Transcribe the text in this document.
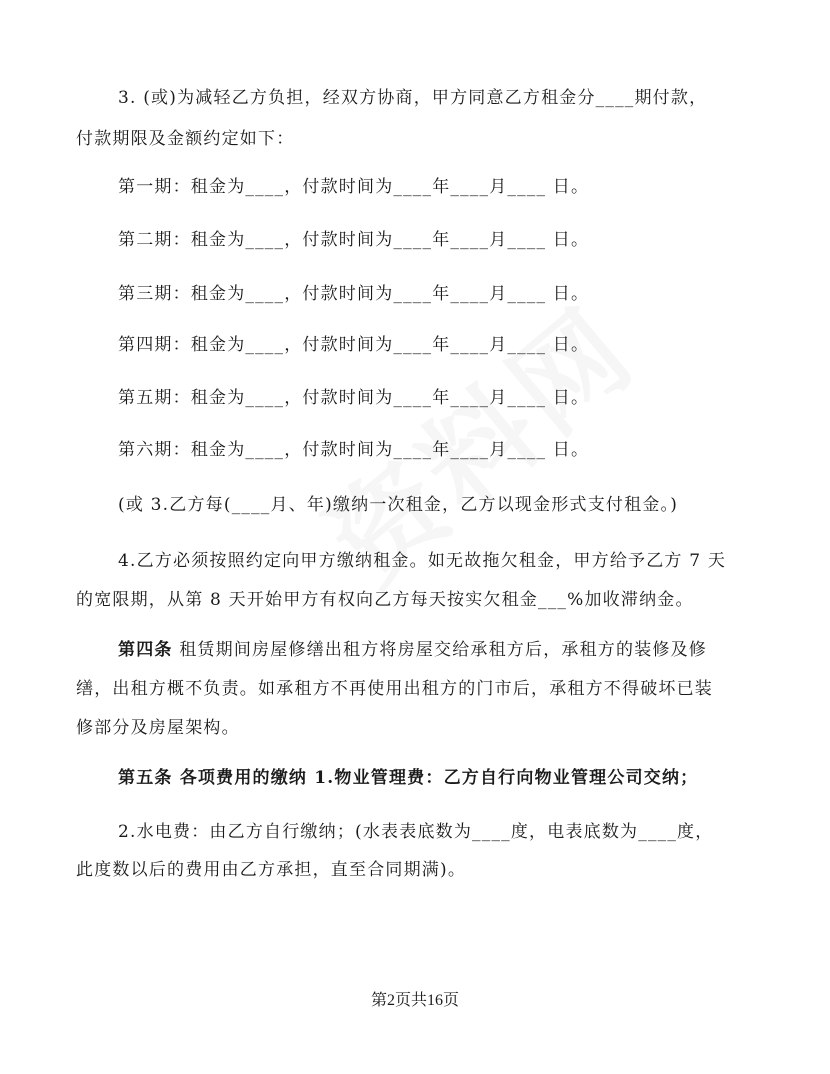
3. (或)为减轻乙方负担，经双方协商，甲方同意乙方租金分____期付款，
付款期限及金额约定如下：
第一期：租金为____，付款时间为____年____月____ 日。
第二期：租金为____，付款时间为____年____月____ 日。
第三期：租金为____，付款时间为____年____月____ 日。
第四期：租金为____，付款时间为____年____月____ 日。
第五期：租金为____，付款时间为____年____月____ 日。
第六期：租金为____，付款时间为____年____月____ 日。
(或 3.乙方每(____月、年)缴纳一次租金，乙方以现金形式支付租金。)
4.乙方必须按照约定向甲方缴纳租金。如无故拖欠租金，甲方给予乙方 7 天
的宽限期，从第 8 天开始甲方有权向乙方每天按实欠租金___%加收滞纳金。
第四条 租赁期间房屋修缮出租方将房屋交给承租方后，承租方的装修及修
缮，出租方概不负责。如承租方不再使用出租方的门市后，承租方不得破坏已装
修部分及房屋架构。
第五条 各项费用的缴纳 1.物业管理费：乙方自行向物业管理公司交纳；
2.水电费：由乙方自行缴纳；(水表表底数为____度，电表底数为____度，
此度数以后的费用由乙方承担，直至合同期满)。
第2页共16页
